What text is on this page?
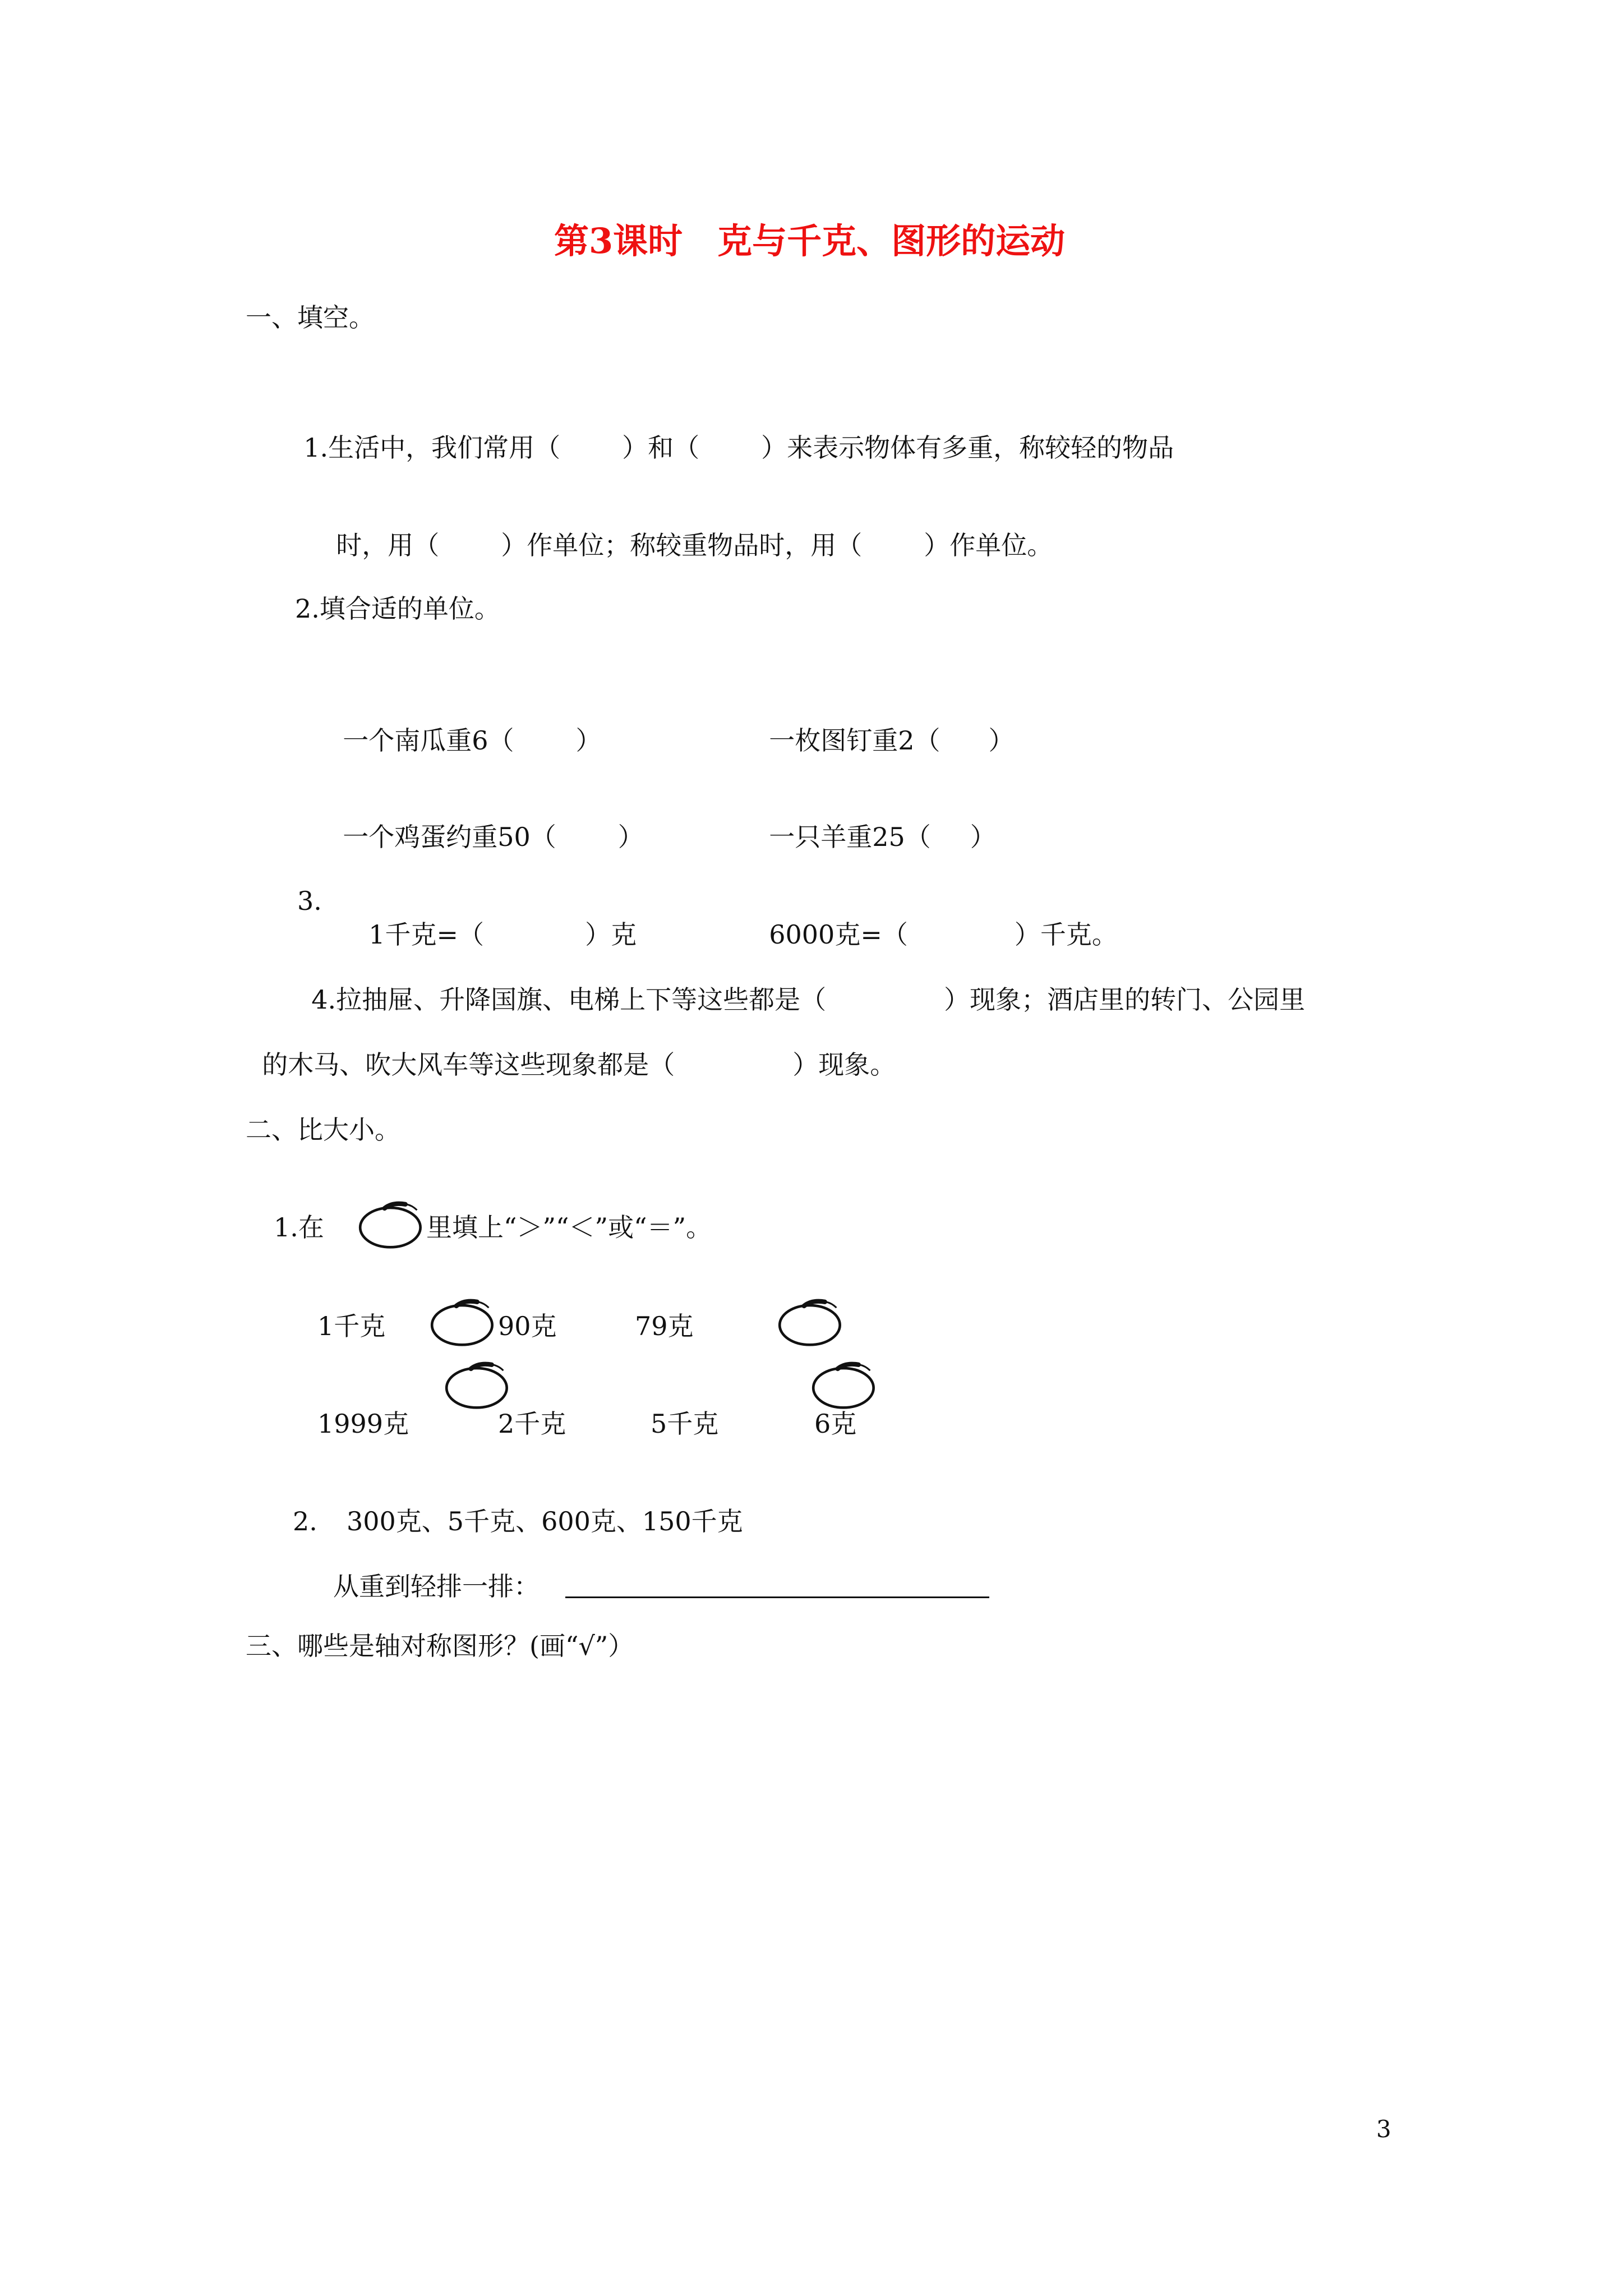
第3课时　克与千克、图形的运动
一、填空。

1.生活中，我们常用（ ）和（ ）来表示物体有多重，称较轻的物品

时，用（ ）作单位；称较重物品时，用（ ）作单位。

2.填合适的单位。

一个南瓜重6（ ）	一枚图钉重2（ ）

一个鸡蛋约重50（ ）	一只羊重25（ ）

3.

1千克=（	）克	6000克=（	）千克。

4.拉抽屉、升降国旗、电梯上下等这些都是（	）现象；酒店里的转门、公园里

的木马、吹大风车等这些现象都是（	）现象。

二、比大小。
1.在	里填上“＞”“＜”或“＝”。
1千克	90克	79克
1999克	2千克	5千克	6克
2. 300克、5千克、600克、150千克
从重到轻排一排：
三、哪些是轴对称图形？(画“√”）
3
